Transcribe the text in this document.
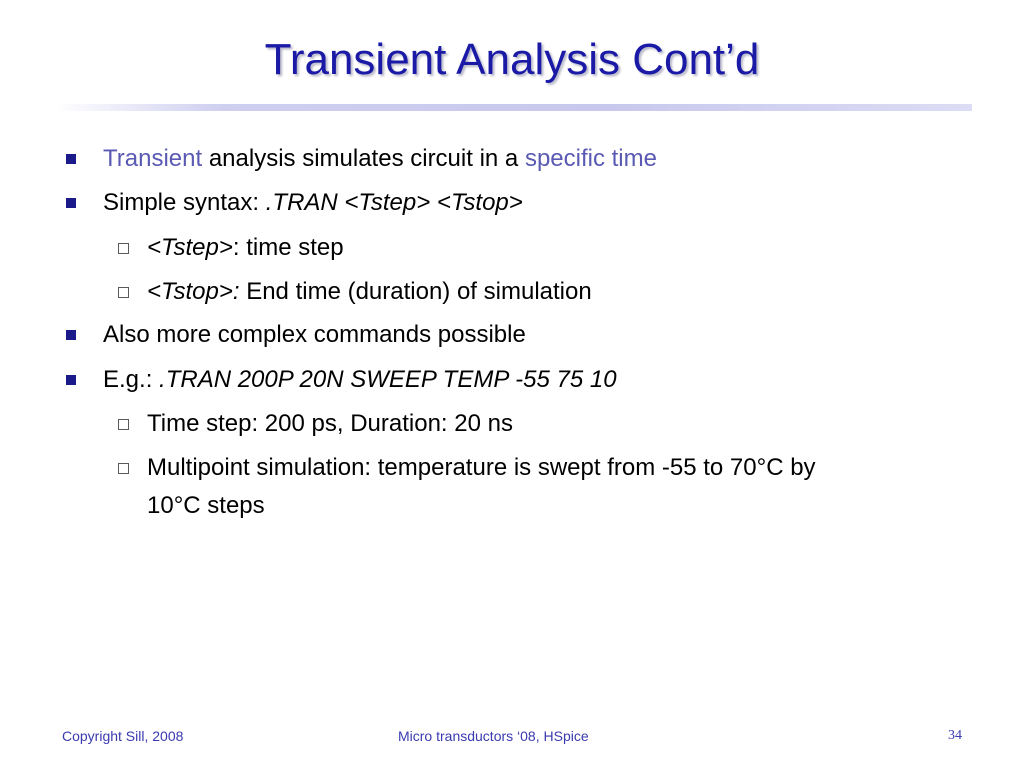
Transient Analysis Cont’d
Transient analysis simulates circuit in a specific time
Simple syntax: .TRAN <Tstep> <Tstop>
<Tstep>: time step
<Tstop>: End time (duration) of simulation
Also more complex commands possible
E.g.: .TRAN 200P 20N SWEEP TEMP -55 75 10
Time step: 200 ps, Duration: 20 ns
Multipoint simulation: temperature is swept from -55 to 70°C by
10°C steps
Copyright Sill, 2008	Micro transductors ‘08, HSpice	34
